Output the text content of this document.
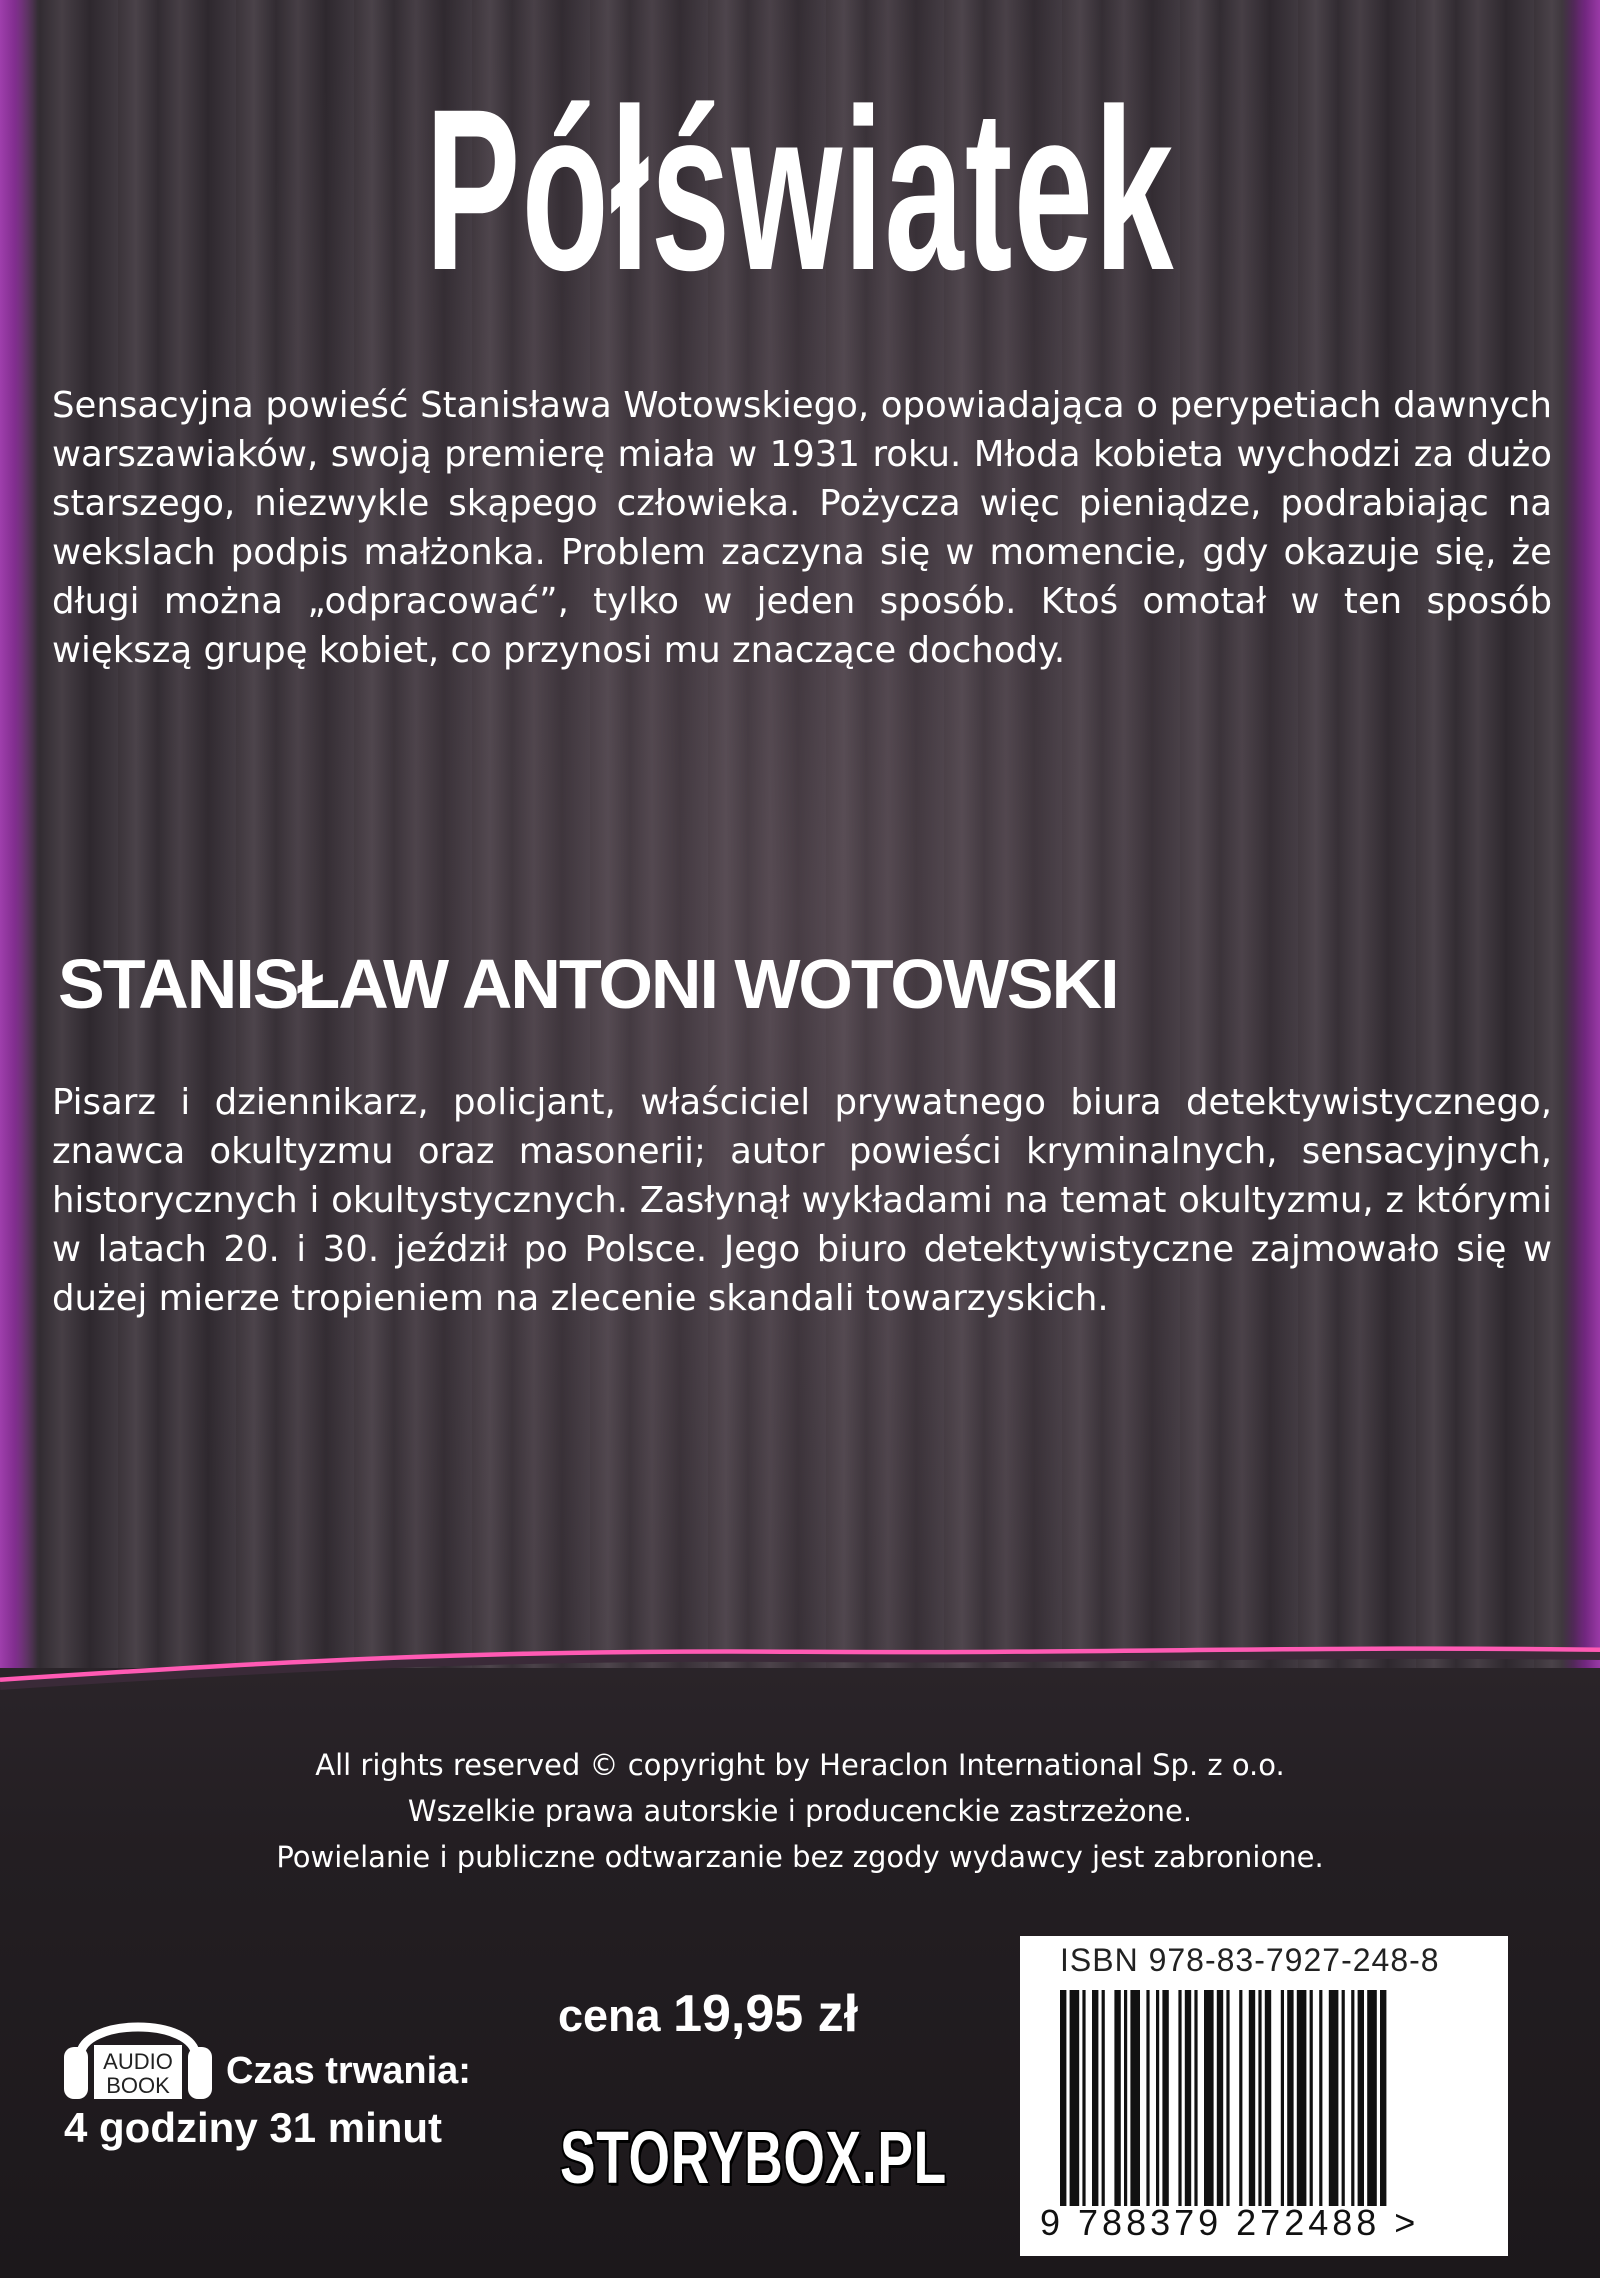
Półświatek
Sensacyjna powieść Stanisława Wotowskiego, opowiadająca o perypetiach dawnych warszawiaków, swoją premierę miała w 1931 roku. Młoda kobieta wychodzi za dużo starszego, niezwykle skąpego człowieka. Pożycza więc pieniądze, podrabiając na wekslach podpis małżonka. Problem zaczyna się w momencie, gdy okazuje się, że długi można „odpracować”, tylko w jeden sposób. Ktoś omotał w ten sposób większą grupę kobiet, co przynosi mu znaczące dochody.
STANISŁAW ANTONI WOTOWSKI
Pisarz i dziennikarz, policjant, właściciel prywatnego biura detektywistycznego, znawca okultyzmu oraz masonerii; autor powieści kryminalnych, sensacyjnych, historycznych i okultystycznych. Zasłynął wykładami na temat okultyzmu, z którymi w latach 20. i 30. jeździł po Polsce. Jego biuro detektywistyczne zajmowało się w dużej mierze tropieniem na zlecenie skandali towarzyskich.
All rights reserved © copyright by Heraclon International Sp. z o.o.
Wszelkie prawa autorskie i producenckie zastrzeżone.
Powielanie i publiczne odtwarzanie bez zgody wydawcy jest zabronione.
cena 19,95 zł
AUDIO
BOOK Czas trwania:
4 godziny 31 minut STORYBOX.PL
ISBN 978-83-7927-248-8
9 788379 272488 >
